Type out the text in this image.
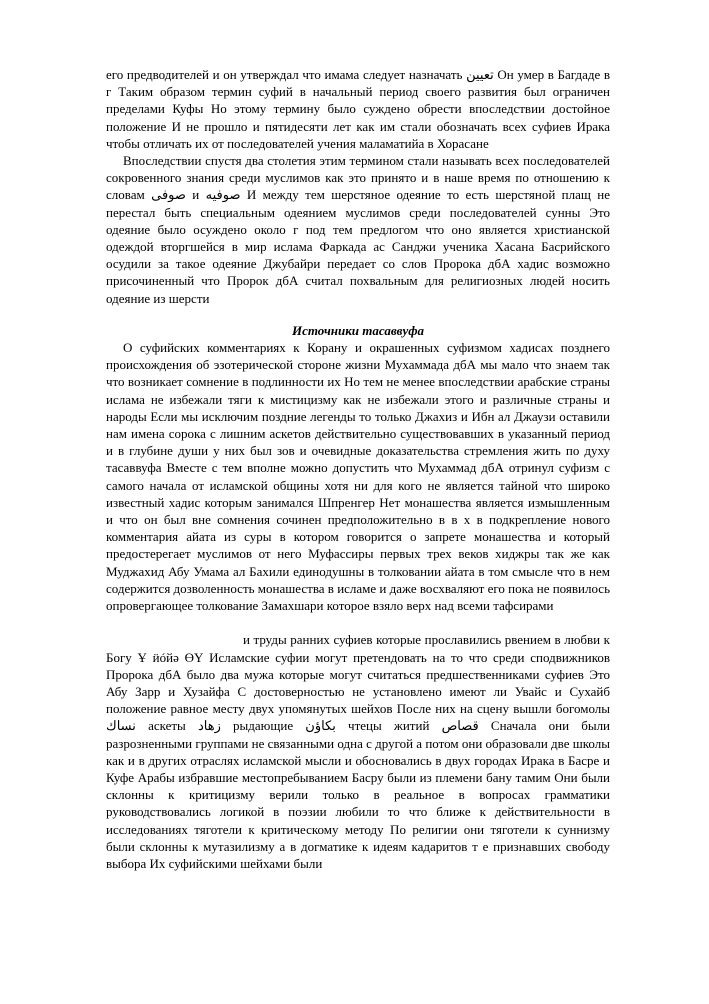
его предводителей и он утверждал что имама следует назначать تعيين Он умер в Багдаде в г Таким образом термин суфий в начальный период своего развития был ограничен пределами Куфы Но этому термину было суждено обрести впоследствии достойное положение И не прошло и пятидесяти лет как им стали обозначать всех суфиев Ирака чтобы отличать их от последователей учения маламатийа в Хорасане

Впоследствии спустя два столетия этим термином стали называть всех последователей сокровенного знания среди муслимов как это принято и в наше время по отношению к словам صوفى и صوفيه И между тем шерстяное одеяние то есть шерстяной плащ не перестал быть специальным одеянием муслимов среди последователей сунны Это одеяние было осуждено около г под тем предлогом что оно является христианской одеждой вторгшейся в мир ислама Фаркада ас Санджи ученика Хасана Басрийского осудили за такое одеяние Джубайри передает со слов Пророка дбА хадис возможно присочиненный что Пророк дбА считал похвальным для религиозных людей носить одеяние из шерсти

Источники тасаввуфа

О суфийских комментариях к Корану и окрашенных суфизмом хадисах позднего происхождения об эзотерической стороне жизни Мухаммада дбА мы мало что знаем так что возникает сомнение в подлинности их Но тем не менее впоследствии арабские страны ислама не избежали тяги к мистицизму как не избежали этого и различные страны и народы Если мы исключим поздние легенды то только Джахиз и Ибн ал Джаузи оставили нам имена сорока с лишним аскетов действительно существовавших в указанный период и в глубине души у них был зов и очевидные доказательства стремления жить по духу тасаввуфа Вместе с тем вполне можно допустить что Мухаммад дбА отринул суфизм с самого начала от исламской общины хотя ни для кого не является тайной что широко известный хадис которым занимался Шпренгер Нет монашества является измышленным и что он был вне сомнения сочинен предположительно в в х в подкрепление нового комментария айата из суры в котором говорится о запрете монашества и который предостерегает муслимов от него Муфассиры первых трех веков хиджры так же как Муджахид Абу Умама ал Бахили единодушны в толковании айата в том смысле что в нем содержится дозволенность монашества в исламе и даже восхваляют его пока не появилось опровергающее толкование Замахшари которое взяло верх над всеми тафсирами

и труды ранних суфиев которые прославились рвением в любви к Богу Ұ ӥóйә ӨҮ Исламские суфии могут претендовать на то что среди сподвижников Пророка дбА было два мужа которые могут считаться предшественниками суфиев Это Абу Зарр и Хузайфа С достоверностью не установлено имеют ли Увайс и Сухайб положение равное месту двух упомянутых шейхов После них на сцену вышли богомолы نساك аскеты زهاد рыдающие بكاؤن чтецы житий قصاص Сначала они были разрозненными группами не связанными одна с другой а потом они образовали две школы как и в других отраслях исламской мысли и обосновались в двух городах Ирака в Басре и Куфе Арабы избравшие местопребыванием Басру были из племени бану тамим Они были склонны к критицизму верили только в реальное в вопросах грамматики руководствовались логикой в поэзии любили то что ближе к действительности в исследованиях тяготели к критическому методу По религии они тяготели к суннизму были склонны к мутазилизму а в догматике к идеям кадаритов т е признавших свободу выбора Их суфийскими шейхами были
